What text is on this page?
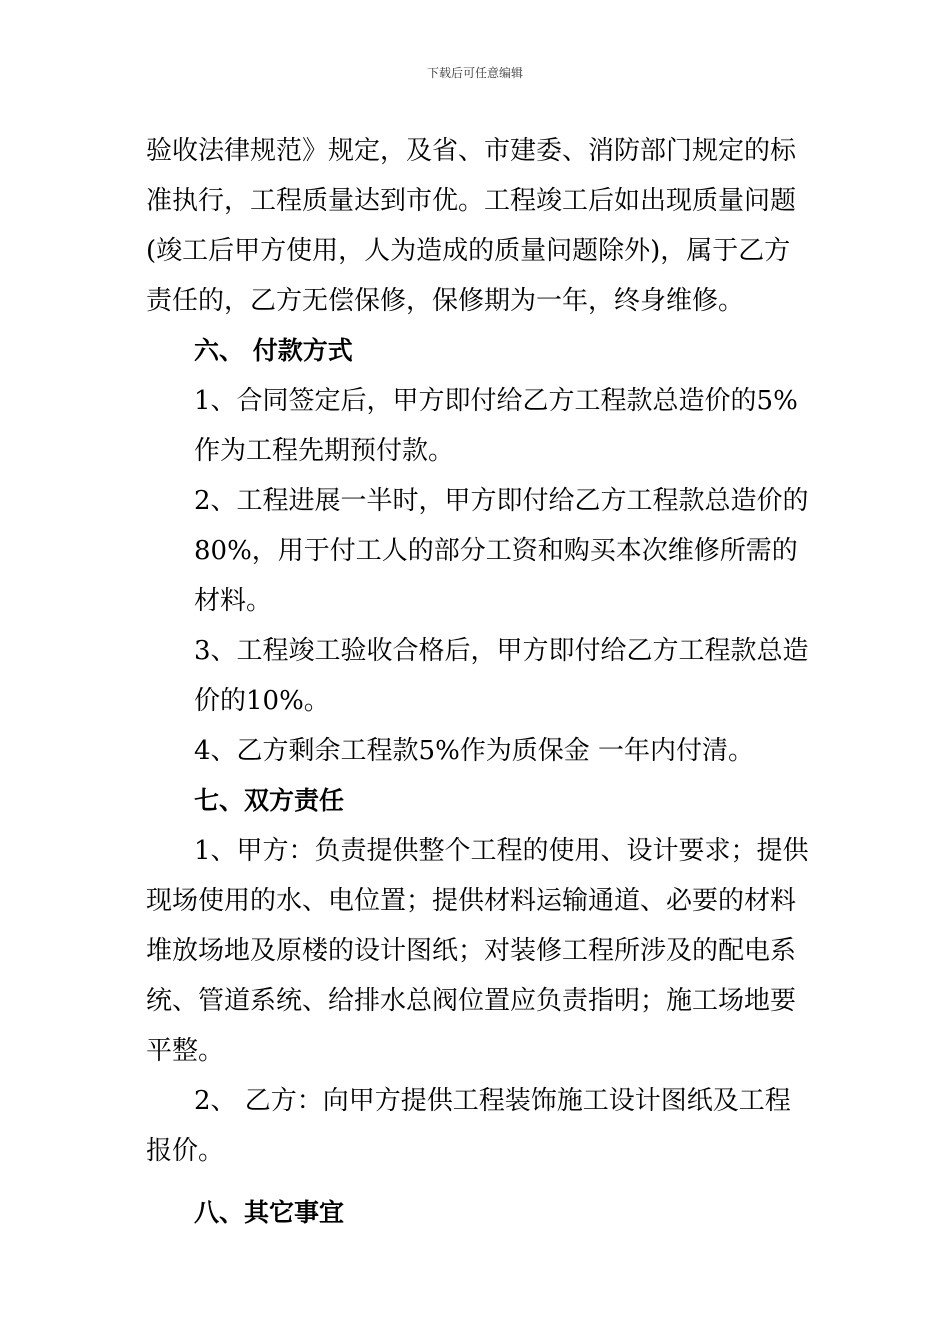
下载后可任意编辑

验收法律规范》规定，及省、市建委、消防部门规定的标准执行，工程质量达到市优。工程竣工后如出现质量问题(竣工后甲方使用，人为造成的质量问题除外)，属于乙方责任的，乙方无偿保修，保修期为一年，终身维修。

六、 付款方式

1、合同签定后，甲方即付给乙方工程款总造价的5%作为工程先期预付款。

2、工程进展一半时，甲方即付给乙方工程款总造价的80%，用于付工人的部分工资和购买本次维修所需的材料。

3、工程竣工验收合格后，甲方即付给乙方工程款总造价的10%。

4、乙方剩余工程款5%作为质保金 一年内付清。

七、双方责任

1、甲方：负责提供整个工程的使用、设计要求；提供现场使用的水、电位置；提供材料运输通道、必要的材料堆放场地及原楼的设计图纸；对装修工程所涉及的配电系统、管道系统、给排水总阀位置应负责指明；施工场地要平整。

2、 乙方：向甲方提供工程装饰施工设计图纸及工程报价。

八、其它事宜
